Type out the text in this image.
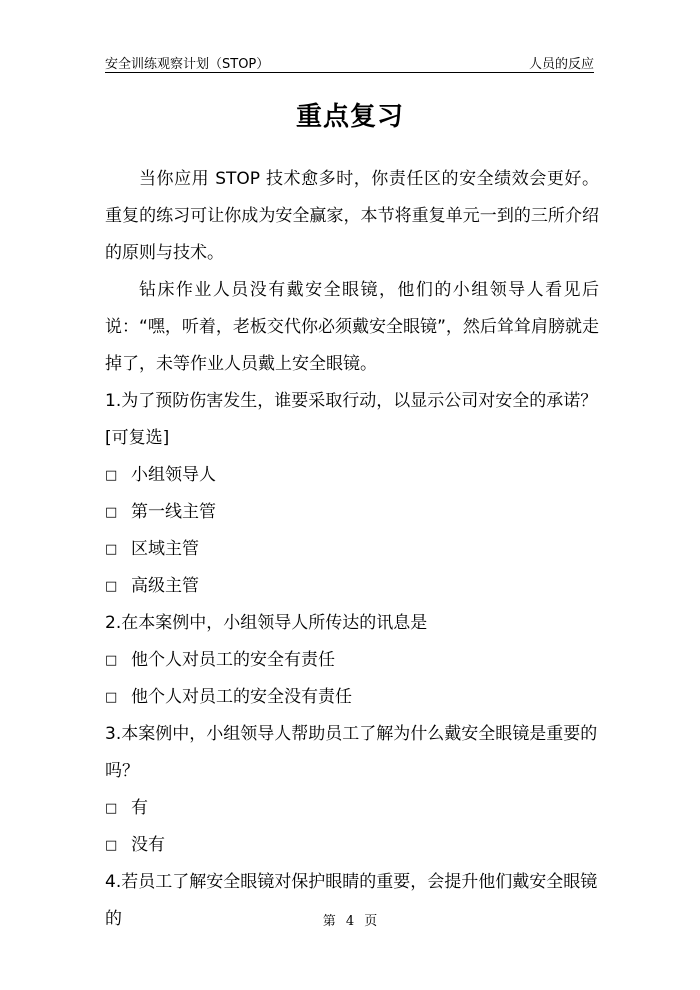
安全训练观察计划（STOP）	人员的反应
重点复习

当你应用 STOP 技术愈多时，你责任区的安全绩效会更好。重复的练习可让你成为安全赢家，本节将重复单元一到的三所介绍的原则与技术。

钻床作业人员没有戴安全眼镜，他们的小组领导人看见后说：“嘿，听着，老板交代你必须戴安全眼镜”，然后耸耸肩膀就走掉了，未等作业人员戴上安全眼镜。

1.为了预防伤害发生，谁要采取行动，以显示公司对安全的承诺？[可复选]

□ 小组领导人
□ 第一线主管
□ 区域主管
□ 高级主管

2.在本案例中，小组领导人所传达的讯息是

□ 他个人对员工的安全有责任
□ 他个人对员工的安全没有责任

3.本案例中，小组领导人帮助员工了解为什么戴安全眼镜是重要的吗？

□ 有
□ 没有

4.若员工了解安全眼镜对保护眼睛的重要，会提升他们戴安全眼镜的	第 4 页
